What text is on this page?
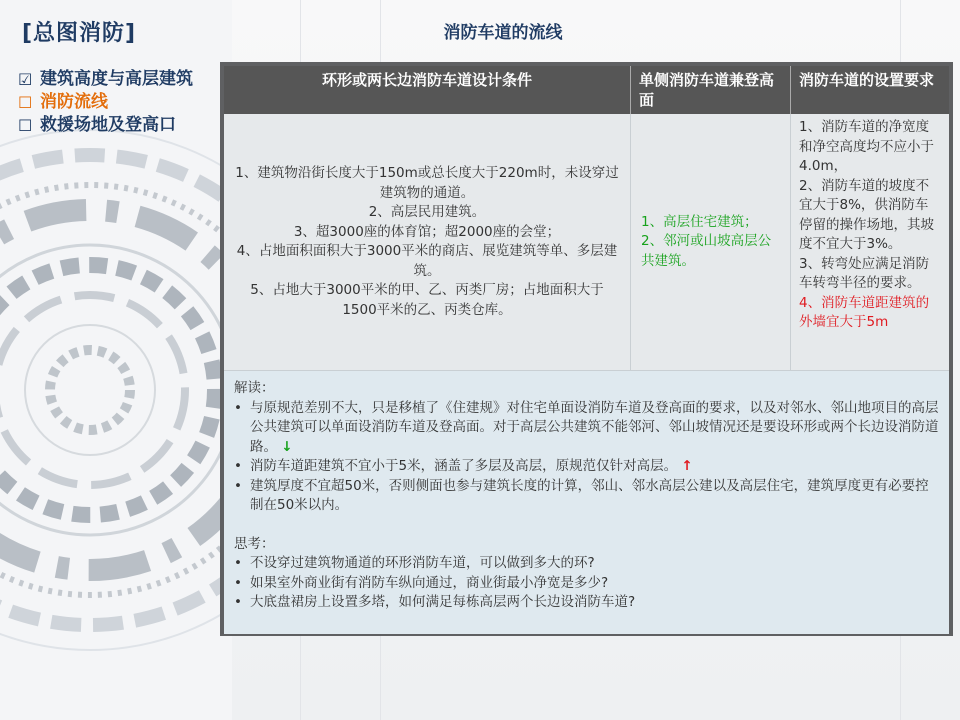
[总图消防]	消防车道的流线
☑ 建筑高度与高层建筑
☐ 消防流线
☐ 救援场地及登高口
环形或两长边消防车道设计条件	单侧消防车道兼登高面
消防车道的设置要求
1、建筑物沿街长度大于150m或总长度大于220m时，未设穿过建筑物的通道。
2、高层民用建筑。
3、超3000座的体育馆；超2000座的会堂；
4、占地面积面积大于3000平米的商店、展览建筑等单、多层建筑。
5、占地大于3000平米的甲、乙、丙类厂房；占地面积大于1500平米的乙、丙类仓库。
1、高层住宅建筑；
2、邻河或山坡高层公共建筑。
1、消防车道的净宽度和净空高度均不应小于4.0m，
2、消防车道的坡度不宜大于8%，供消防车停留的操作场地，其坡度不宜大于3%。
3、转弯处应满足消防车转弯半径的要求。
4、消防车道距建筑的外墙宜大于5m
解读：
• 与原规范差别不大，只是移植了《住建规》对住宅单面设消防车道及登高面的要求，以及对邻水、邻山地项目的高层公共建筑可以单面设消防车道及登高面。对于高层公共建筑不能邻河、邻山坡情况还是要设环形或两个长边设消防道路。 ↓
• 消防车道距建筑不宜小于5米，涵盖了多层及高层，原规范仅针对高层。 ↑
• 建筑厚度不宜超50米，否则侧面也参与建筑长度的计算，邻山、邻水高层公建以及高层住宅，建筑厚度更有必要控制在50米以内。
思考：
• 不设穿过建筑物通道的环形消防车道，可以做到多大的环?
• 如果室外商业街有消防车纵向通过，商业街最小净宽是多少?
• 大底盘裙房上设置多塔，如何满足每栋高层两个长边设消防车道?
